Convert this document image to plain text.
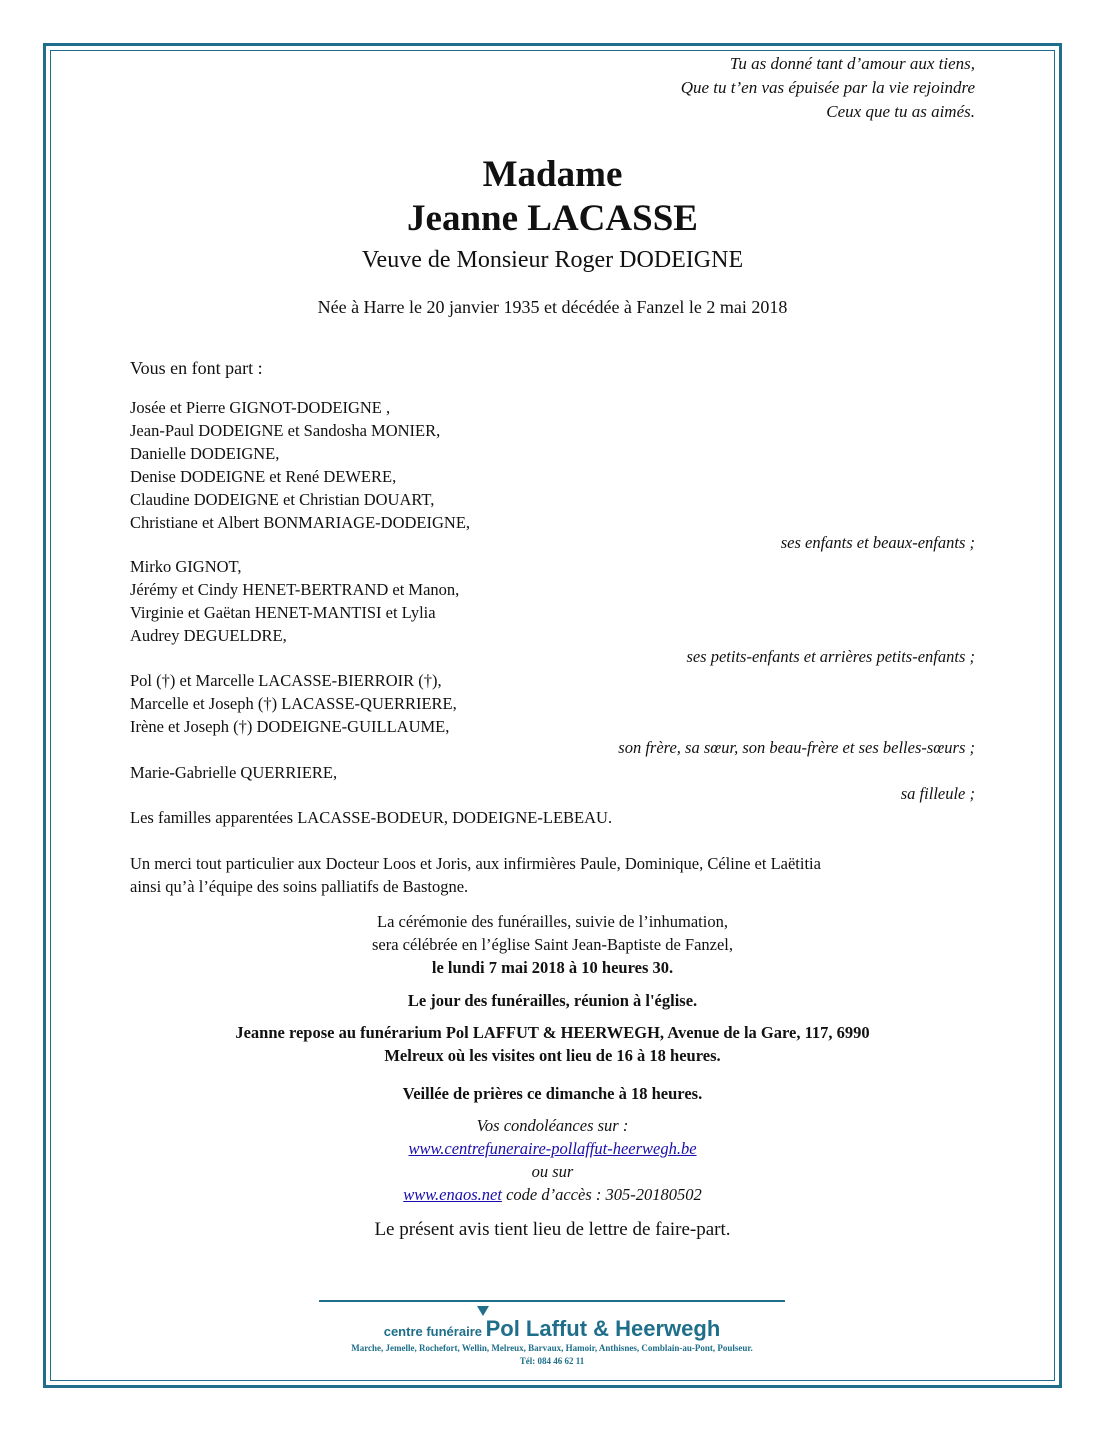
Tu as donné tant d’amour aux tiens,
Que tu t’en vas épuisée par la vie rejoindre
Ceux que tu as aimés.
Madame
Jeanne LACASSE
Veuve de Monsieur Roger DODEIGNE
Née à Harre le 20 janvier 1935 et décédée à Fanzel le 2 mai 2018
Vous en font part :
Josée et Pierre GIGNOT-DODEIGNE ,
Jean-Paul DODEIGNE et Sandosha MONIER,
Danielle DODEIGNE,
Denise DODEIGNE et René DEWERE,
Claudine DODEIGNE et Christian DOUART,
Christiane et Albert BONMARIAGE-DODEIGNE,
ses enfants et beaux-enfants ;
Mirko GIGNOT,
Jérémy et Cindy HENET-BERTRAND et Manon,
Virginie et Gaëtan HENET-MANTISI et Lylia
Audrey DEGUELDRE,
ses petits-enfants et arrières petits-enfants ;
Pol (†) et Marcelle LACASSE-BIERROIR (†),
Marcelle et Joseph (†) LACASSE-QUERRIERE,
Irène et Joseph (†) DODEIGNE-GUILLAUME,
son frère, sa sœur, son beau-frère et ses belles-sœurs ;
Marie-Gabrielle QUERRIERE,
sa filleule ;
Les familles apparentées LACASSE-BODEUR, DODEIGNE-LEBEAU.
Un merci tout particulier aux Docteur Loos et Joris, aux infirmières Paule, Dominique, Céline et Laëtitia
ainsi qu’à l’équipe des soins palliatifs de Bastogne.
La cérémonie des funérailles, suivie de l’inhumation,
sera célébrée en l’église Saint Jean-Baptiste de Fanzel,
le lundi 7 mai 2018 à 10 heures 30.
Le jour des funérailles, réunion à l'église.
Jeanne repose au funérarium Pol LAFFUT & HEERWEGH, Avenue de la Gare, 117, 6990
Melreux où les visites ont lieu de 16 à 18 heures.
Veillée de prières ce dimanche à 18 heures.
Vos condoléances sur :
www.centrefuneraire-pollaffut-heerwegh.be
ou sur
www.enaos.net code d’accès : 305-20180502
Le présent avis tient lieu de lettre de faire-part.
centre funéraire Pol Laffut & Heerwegh
Marche, Jemelle, Rochefort, Wellin, Melreux, Barvaux, Hamoir, Anthisnes, Comblain-au-Pont, Poulseur.
Tél: 084 46 62 11
